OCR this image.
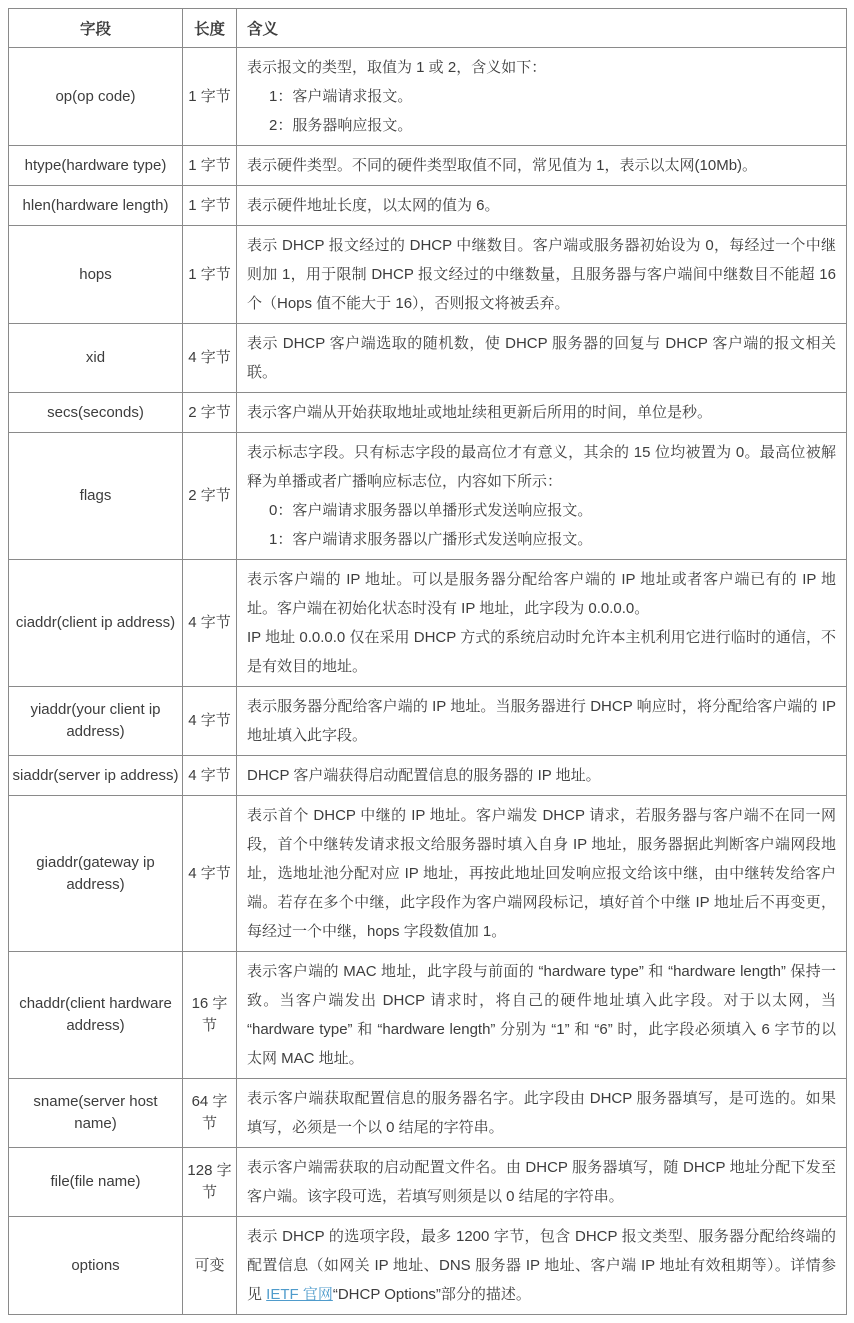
字段	长度	含义
op(op code)	1 字节	表示报文的类型，取值为 1 或 2，含义如下：
1：客户端请求报文。
2：服务器响应报文。

htype(hardware type)	1 字节	表示硬件类型。不同的硬件类型取值不同，常见值为 1，表示以太网(10Mb)。

hlen(hardware length)	1 字节	表示硬件地址长度，以太网的值为 6。

hops	1 字节	表示 DHCP 报文经过的 DHCP 中继数目。客户端或服务器初始设为 0，每经过一个中继则加 1，用于限制 DHCP 报文经过的中继数量，且服务器与客户端间中继数目不能超 16 个（Hops 值不能大于 16），否则报文将被丢弃。

xid	4 字节	表示 DHCP 客户端选取的随机数，使 DHCP 服务器的回复与 DHCP 客户端的报文相关联。

secs(seconds)	2 字节	表示客户端从开始获取地址或地址续租更新后所用的时间，单位是秒。

flags	2 字节	表示标志字段。只有标志字段的最高位才有意义，其余的 15 位均被置为 0。最高位被解释为单播或者广播响应标志位，内容如下所示：
0：客户端请求服务器以单播形式发送响应报文。
1：客户端请求服务器以广播形式发送响应报文。

ciaddr(client ip address)	4 字节	表示客户端的 IP 地址。可以是服务器分配给客户端的 IP 地址或者客户端已有的 IP 地址。客户端在初始化状态时没有 IP 地址，此字段为 0.0.0.0。
IP 地址 0.0.0.0 仅在采用 DHCP 方式的系统启动时允许本主机利用它进行临时的通信，不是有效目的地址。

yiaddr(your client ip address)	4 字节	表示服务器分配给客户端的 IP 地址。当服务器进行 DHCP 响应时，将分配给客户端的 IP 地址填入此字段。

siaddr(server ip address)	4 字节	DHCP 客户端获得启动配置信息的服务器的 IP 地址。

giaddr(gateway ip address)	4 字节	表示首个 DHCP 中继的 IP 地址。客户端发 DHCP 请求，若服务器与客户端不在同一网段，首个中继转发请求报文给服务器时填入自身 IP 地址，服务器据此判断客户端网段地址，选地址池分配对应 IP 地址，再按此地址回发响应报文给该中继，由中继转发给客户端。若存在多个中继，此字段作为客户端网段标记，填好首个中继 IP 地址后不再变更，每经过一个中继，hops 字段数值加 1。

chaddr(client hardware address)	16 字节	表示客户端的 MAC 地址，此字段与前面的 “hardware type” 和 “hardware length” 保持一致。当客户端发出 DHCP 请求时，将自己的硬件地址填入此字段。对于以太网，当 “hardware type” 和 “hardware length” 分别为 “1” 和 “6” 时，此字段必须填入 6 字节的以太网 MAC 地址。

sname(server host name)	64 字节	表示客户端获取配置信息的服务器名字。此字段由 DHCP 服务器填写，是可选的。如果填写，必须是一个以 0 结尾的字符串。

file(file name)	128 字节	表示客户端需获取的启动配置文件名。由 DHCP 服务器填写，随 DHCP 地址分配下发至客户端。该字段可选，若填写则须是以 0 结尾的字符串。

options	可变	表示 DHCP 的选项字段，最多 1200 字节，包含 DHCP 报文类型、服务器分配给终端的配置信息（如网关 IP 地址、DNS 服务器 IP 地址、客户端 IP 地址有效租期等）。详情参见 IETF 官网“DHCP Options”部分的描述。
